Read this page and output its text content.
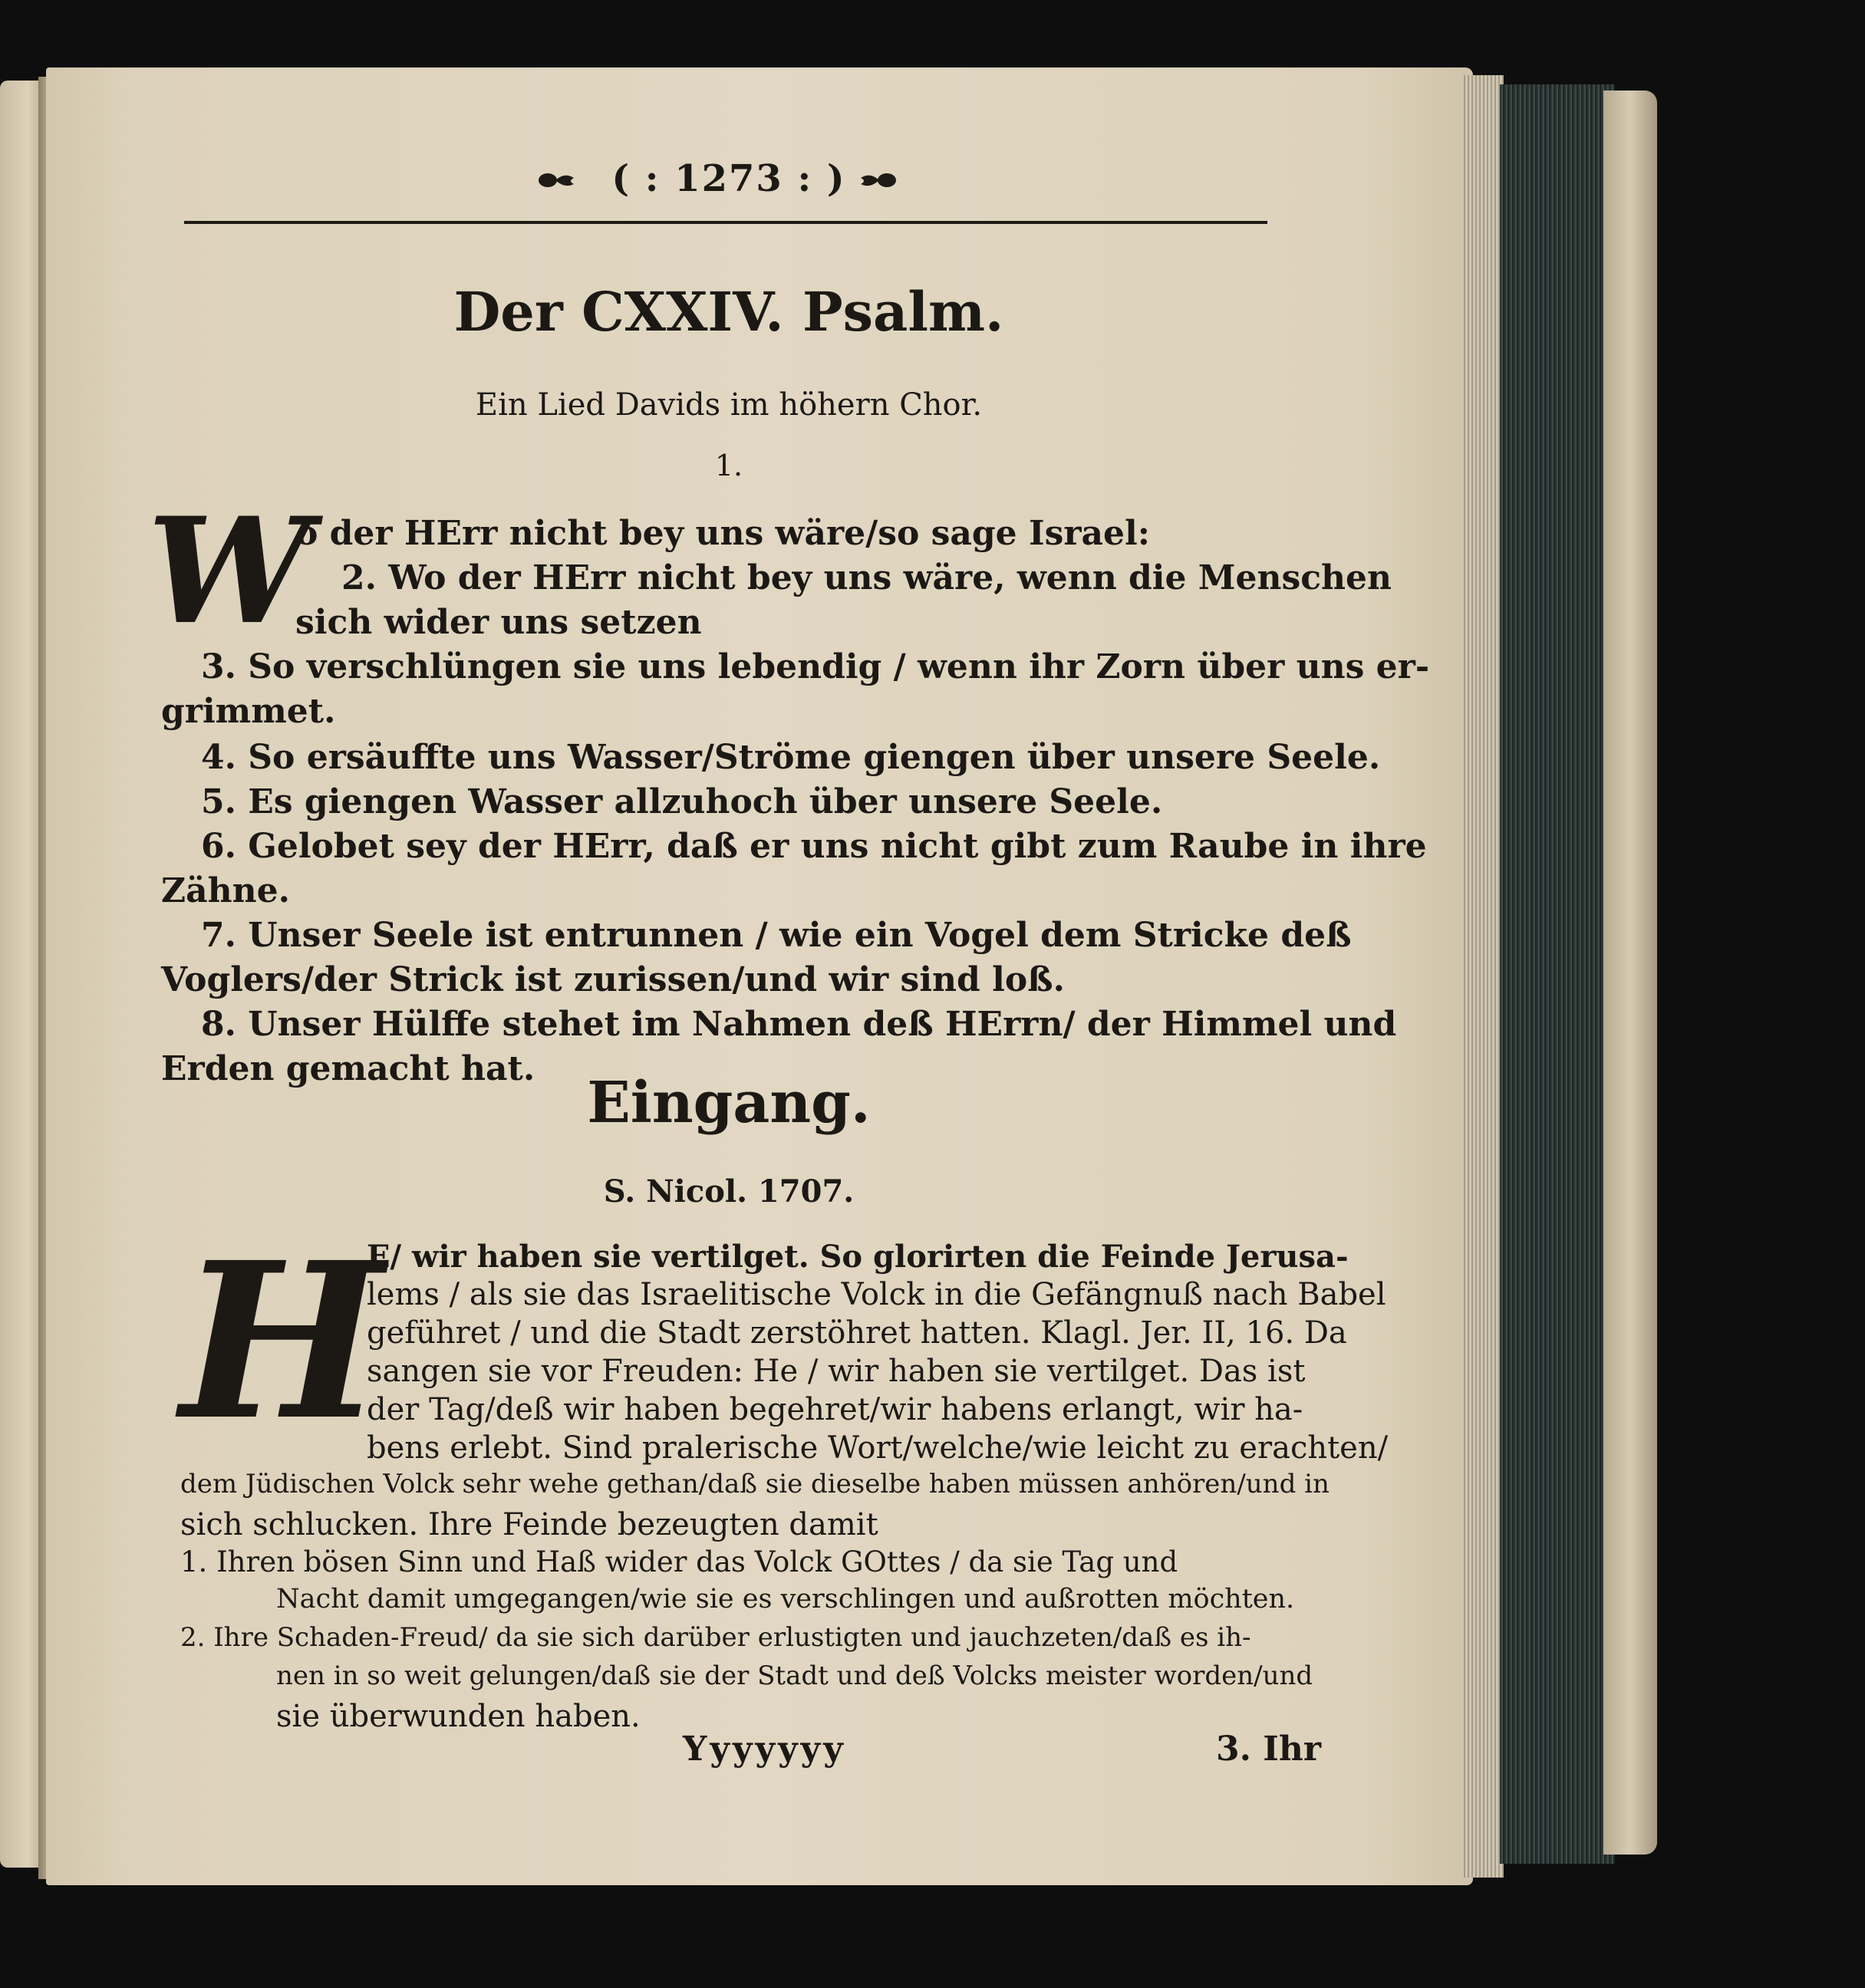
( : 1273 : )
Der CXXIV. Psalm.
Ein Lied Davids im höhern Chor.
1.
W
o der HErr nicht bey uns wäre/so sage Israel:
2. Wo der HErr nicht bey uns wäre, wenn die Menschen
sich wider uns setzen
3. So verschlüngen sie uns lebendig / wenn ihr Zorn über uns er-
grimmet.
4. So ersäuffte uns Wasser/Ströme giengen über unsere Seele.
5. Es giengen Wasser allzuhoch über unsere Seele.
6. Gelobet sey der HErr, daß er uns nicht gibt zum Raube in ihre
Zähne.
7. Unser Seele ist entrunnen / wie ein Vogel dem Stricke deß
Voglers/der Strick ist zurissen/und wir sind loß.
8. Unser Hülffe stehet im Nahmen deß HErrn/ der Himmel und
Erden gemacht hat.
Eingang.
S. Nicol. 1707.
H
E/ wir haben sie vertilget. So glorirten die Feinde Jerusa-
lems / als sie das Israelitische Volck in die Gefängnuß nach Babel
geführet / und die Stadt zerstöhret hatten. Klagl. Jer. II, 16. Da
sangen sie vor Freuden: He / wir haben sie vertilget. Das ist
der Tag/deß wir haben begehret/wir habens erlangt, wir ha-
bens erlebt. Sind pralerische Wort/welche/wie leicht zu erachten/
dem Jüdischen Volck sehr wehe gethan/daß sie dieselbe haben müssen anhören/und in
sich schlucken. Ihre Feinde bezeugten damit
1. Ihren bösen Sinn und Haß wider das Volck GOttes / da sie Tag und
Nacht damit umgegangen/wie sie es verschlingen und außrotten möchten.
2. Ihre Schaden-Freud/ da sie sich darüber erlustigten und jauchzeten/daß es ih-
nen in so weit gelungen/daß sie der Stadt und deß Volcks meister worden/und
sie überwunden haben.
Yyyyyyy	3. Ihr
